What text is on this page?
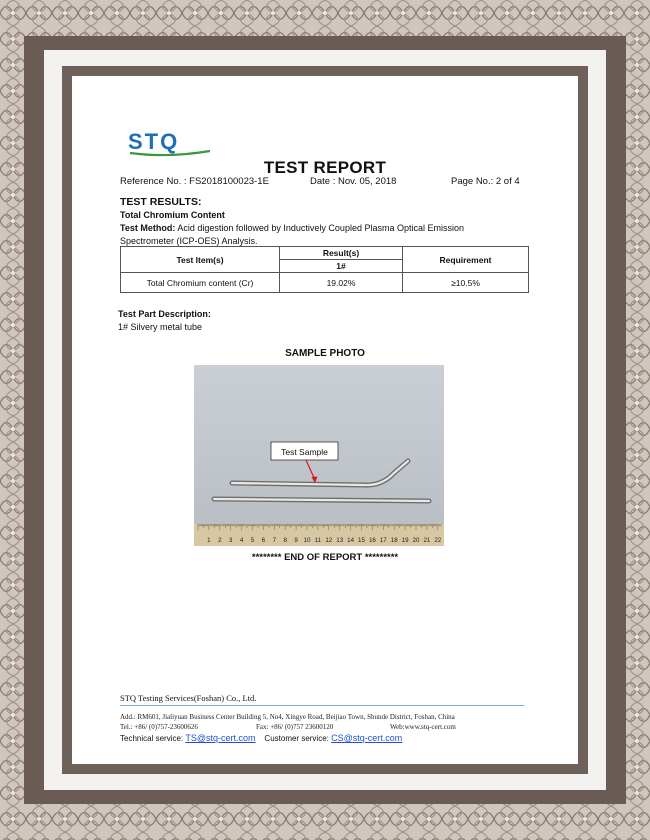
STQ
TEST REPORT
Reference No. : FS2018100023-1E	Date : Nov. 05, 2018	Page No.: 2 of 4
TEST RESULTS:
Total Chromium Content
Test Method: Acid digestion followed by Inductively Coupled Plasma Optical Emission Spectrometer (ICP-OES) Analysis.
Test Item(s)	Result(s)	Requirement
	1#	
Total Chromium content (Cr)	19.02%	≥10.5%
Test Part Description:
1# Silvery metal tube
SAMPLE PHOTO
Test Sample
1 2 3 4 5 6 7 8 9 10 11 12 13 14 15 16 17 18 19 20 21 22
******** END OF REPORT *********
STQ Testing Services(Foshan) Co., Ltd.
Add.: RM601, Jialiyuan Business Center Building 5, No4, Xingye Road, Beijiao Town, Shunde District, Foshan, China
Tel.: +86/ (0)757-23600626	Fax: +86/ (0)757 23600120	Web:www.stq-cert.com
Technical service: TS@stq-cert.com Customer service: CS@stq-cert.com
